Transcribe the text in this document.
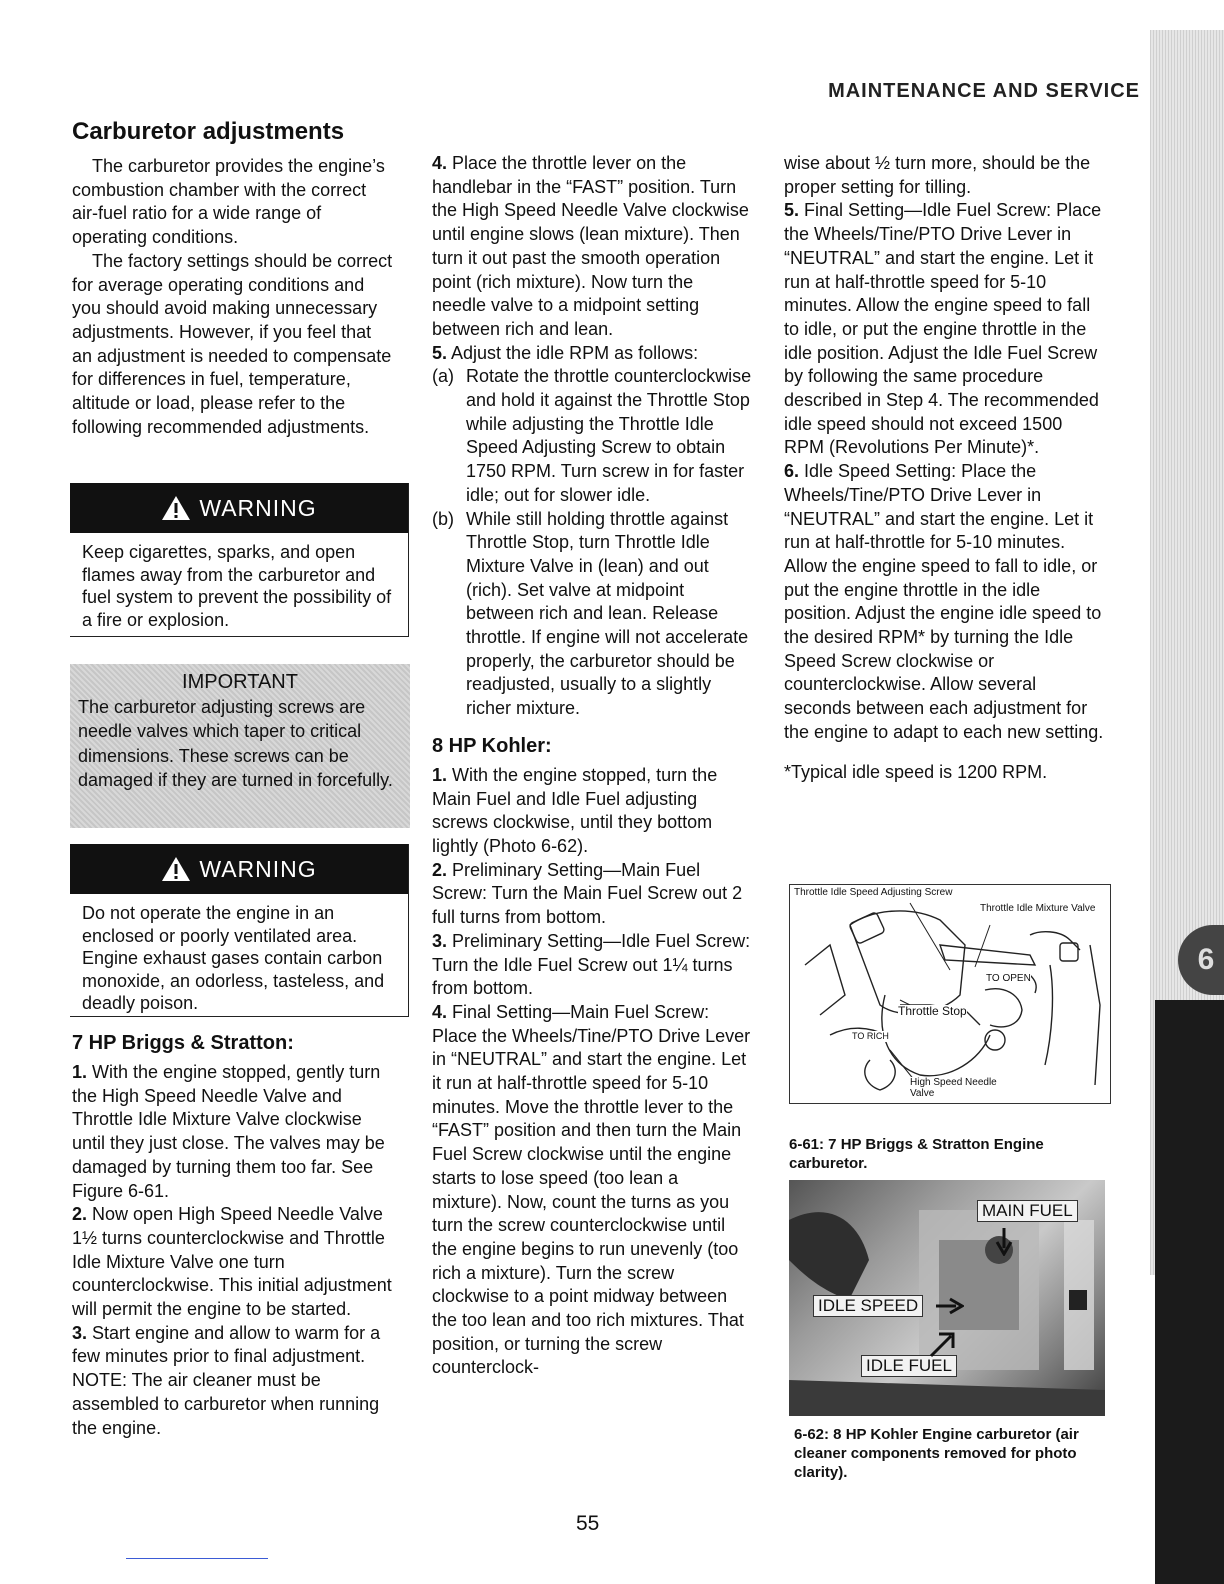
6
MAINTENANCE AND SERVICE
Carburetor adjustments

The carburetor provides the engine’s combustion chamber with the correct air-fuel ratio for a wide range of operating conditions.

The factory settings should be correct for average operating conditions and you should avoid making unnecessary adjustments. However, if you feel that an adjustment is needed to compensate for differences in fuel, temperature, altitude or load, please refer to the following recommended adjustments.

WARNING
Keep cigarettes, sparks, and open flames away from the carburetor and fuel system to prevent the possibility of a fire or explosion.
IMPORTANT
The carburetor adjusting screws are needle valves which taper to critical dimensions. These screws can be damaged if they are turned in forcefully.
WARNING
Do not operate the engine in an enclosed or poorly ventilated area. Engine exhaust gases contain carbon monoxide, an odorless, tasteless, and deadly poison.
7 HP Briggs & Stratton:

1. With the engine stopped, gently turn the High Speed Needle Valve and Throttle Idle Mixture Valve clockwise until they just close. The valves may be damaged by turning them too far. See Figure 6-61.

2. Now open High Speed Needle Valve 1½ turns counterclockwise and Throttle Idle Mixture Valve one turn counterclockwise. This initial adjustment will permit the engine to be started.

3. Start engine and allow to warm for a few minutes prior to final adjustment. NOTE: The air cleaner must be assembled to carburetor when running the engine.

4. Place the throttle lever on the handlebar in the “FAST” position. Turn the High Speed Needle Valve clockwise until engine slows (lean mixture). Then turn it out past the smooth operation point (rich mixture). Now turn the needle valve to a midpoint setting between rich and lean.

5. Adjust the idle RPM as follows:

(a) Rotate the throttle counterclockwise and hold it against the Throttle Stop while adjusting the Throttle Idle Speed Adjusting Screw to obtain 1750 RPM. Turn screw in for faster idle; out for slower idle.

(b) While still holding throttle against Throttle Stop, turn Throttle Idle Mixture Valve in (lean) and out (rich). Set valve at midpoint between rich and lean. Release throttle. If engine will not accelerate properly, the carburetor should be readjusted, usually to a slightly richer mixture.

8 HP Kohler:

1. With the engine stopped, turn the Main Fuel and Idle Fuel adjusting screws clockwise, until they bottom lightly (Photo 6-62).

2. Preliminary Setting—Main Fuel Screw: Turn the Main Fuel Screw out 2 full turns from bottom.

3. Preliminary Setting—Idle Fuel Screw: Turn the Idle Fuel Screw out 1¼ turns from bottom.

4. Final Setting—Main Fuel Screw: Place the Wheels/Tine/PTO Drive Lever in “NEUTRAL” and start the engine. Let it run at half-throttle speed for 5-10 minutes. Move the throttle lever to the “FAST” position and then turn the Main Fuel Screw clockwise until the engine starts to lose speed (too lean a mixture). Now, count the turns as you turn the screw counterclockwise until the engine begins to run unevenly (too rich a mixture). Turn the screw clockwise to a point midway between the too lean and too rich mixtures. That position, or turning the screw counterclock-

wise about ½ turn more, should be the proper setting for tilling.

5. Final Setting—Idle Fuel Screw: Place the Wheels/Tine/PTO Drive Lever in “NEUTRAL” and start the engine. Let it run at half-throttle speed for 5-10 minutes. Allow the engine speed to fall to idle, or put the engine throttle in the idle position. Adjust the Idle Fuel Screw by following the same procedure described in Step 4. The recommended idle speed should not exceed 1500 RPM (Revolutions Per Minute)*.

6. Idle Speed Setting: Place the Wheels/Tine/PTO Drive Lever in “NEUTRAL” and start the engine. Let it run at half-throttle for 5-10 minutes. Allow the engine speed to fall to idle, or put the engine throttle in the idle position. Adjust the engine idle speed to the desired RPM* by turning the Idle Speed Screw clockwise or counterclockwise. Allow several seconds between each adjustment for the engine to adapt to each new setting.

*Typical idle speed is 1200 RPM.

Throttle Idle Speed Adjusting Screw
Throttle Idle Mixture Valve
TO OPEN
Throttle Stop
TO RICH
High Speed Needle Valve
6-61: 7 HP Briggs & Stratton Engine carburetor.
MAIN FUEL
IDLE SPEED
IDLE FUEL
6-62: 8 HP Kohler Engine carburetor (air cleaner components removed for photo clarity).
55
